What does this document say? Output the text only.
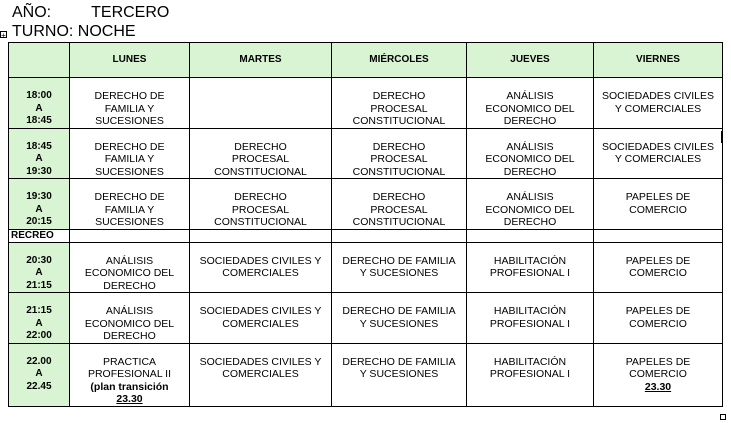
AÑO:	TERCERO
TURNO: NOCHE
+
	LUNES	MARTES	MIÉRCOLES	JUEVES	VIERNES

18:00
A
18:45	DERECHO DE
FAMILIA Y
SUCESIONES		DERECHO
PROCESAL
CONSTITUCIONAL	ANÁLISIS
ECONOMICO DEL
DERECHO	SOCIEDADES CIVILES
Y COMERCIALES

18:45
A
19:30	DERECHO DE
FAMILIA Y
SUCESIONES	DERECHO
PROCESAL
CONSTITUCIONAL	DERECHO
PROCESAL
CONSTITUCIONAL	ANÁLISIS
ECONOMICO DEL
DERECHO	SOCIEDADES CIVILES
Y COMERCIALES

19:30
A
20:15	DERECHO DE
FAMILIA Y
SUCESIONES	DERECHO
PROCESAL
CONSTITUCIONAL	DERECHO
PROCESAL
CONSTITUCIONAL	ANÁLISIS
ECONOMICO DEL
DERECHO	PAPELES DE
COMERCIO
RECREO					

20:30
A
21:15	ANÁLISIS
ECONOMICO DEL
DERECHO	SOCIEDADES CIVILES Y
COMERCIALES	DERECHO DE FAMILIA
Y SUCESIONES	HABILITACIÓN
PROFESIONAL I	PAPELES DE
COMERCIO

21:15
A
22:00	ANÁLISIS
ECONOMICO DEL
DERECHO	SOCIEDADES CIVILES Y
COMERCIALES	DERECHO DE FAMILIA
Y SUCESIONES	HABILITACIÓN
PROFESIONAL I	PAPELES DE
COMERCIO

22.00
A
22.45	PRACTICA
PROFESIONAL II
(plan transición
23.30	SOCIEDADES CIVILES Y
COMERCIALES	DERECHO DE FAMILIA
Y SUCESIONES	HABILITACIÓN
PROFESIONAL I	PAPELES DE
COMERCIO
23.30
